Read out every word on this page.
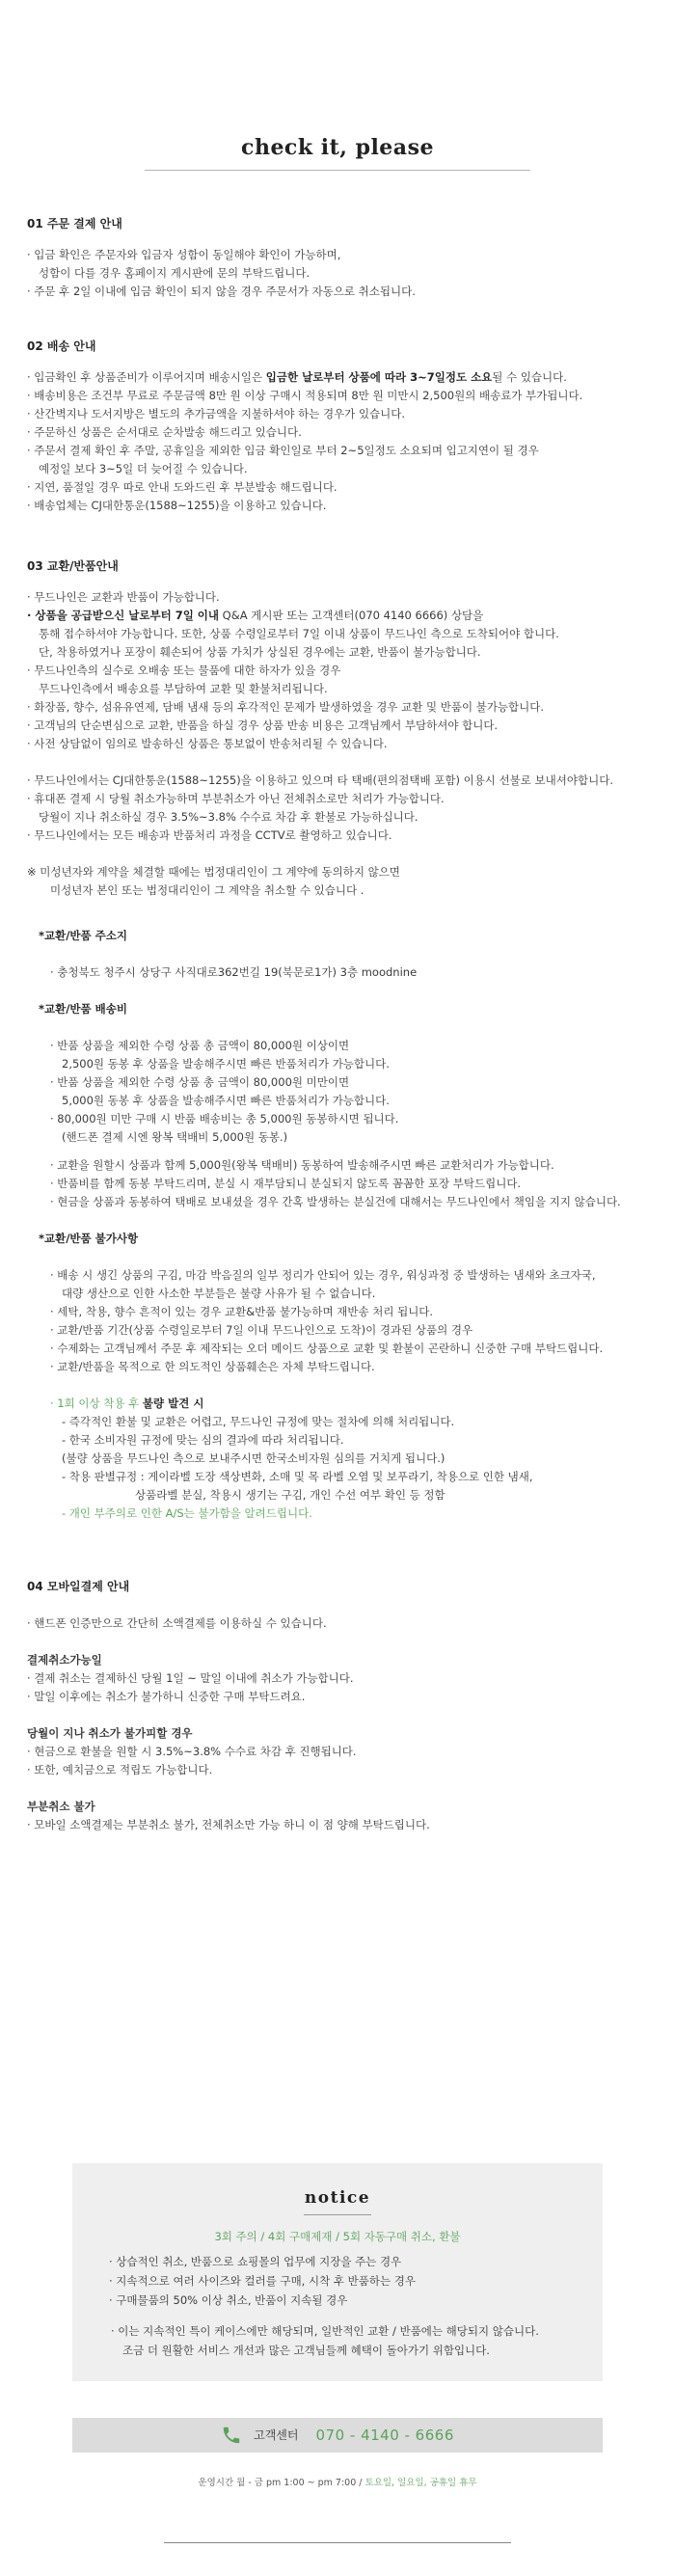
check it, please
01 주문 결제 안내
· 입금 확인은 주문자와 입금자 성함이 동일해야 확인이 가능하며,
성함이 다를 경우 홈페이지 게시판에 문의 부탁드립니다.
· 주문 후 2일 이내에 입금 확인이 되지 않을 경우 주문서가 자동으로 취소됩니다.
02 배송 안내
· 입금확인 후 상품준비가 이루어지며 배송시일은 입금한 날로부터 상품에 따라 3~7일정도 소요될 수 있습니다.
· 배송비용은 조건부 무료로 주문금액 8만 원 이상 구매시 적용되며 8만 원 미만시 2,500원의 배송료가 부가됩니다.
· 산간벽지나 도서지방은 별도의 추가금액을 지불하셔야 하는 경우가 있습니다.
· 주문하신 상품은 순서대로 순차발송 해드리고 있습니다.
· 주문서 결제 확인 후 주말, 공휴일을 제외한 입금 확인일로 부터 2~5일정도 소요되며 입고지연이 될 경우
예정일 보다 3~5일 더 늦어질 수 있습니다.
· 지연, 품절일 경우 따로 안내 도와드린 후 부분발송 해드립니다.
· 배송업체는 CJ대한통운(1588~1255)을 이용하고 있습니다.
03 교환/반품안내
· 무드나인은 교환과 반품이 가능합니다.
· 상품을 공급받으신 날로부터 7일 이내 Q&A 게시판 또는 고객센터(070 4140 6666) 상담을
통해 접수하셔야 가능합니다. 또한, 상품 수령일로부터 7일 이내 상품이 무드나인 측으로 도착되어야 합니다.
단, 착용하였거나 포장이 훼손되어 상품 가치가 상실된 경우에는 교환, 반품이 불가능합니다.
· 무드나인측의 실수로 오배송 또는 물품에 대한 하자가 있을 경우
무드나인측에서 배송요를 부담하여 교환 및 환불처리됩니다.
· 화장품, 향수, 섬유유연제, 담배 냄새 등의 후각적인 문제가 발생하였을 경우 교환 및 반품이 불가능합니다.
· 고객님의 단순변심으로 교환, 반품을 하실 경우 상품 반송 비용은 고객님께서 부담하셔야 합니다.
· 사전 상담없이 임의로 발송하신 상품은 통보없이 반송처리될 수 있습니다.
· 무드나인에서는 CJ대한통운(1588~1255)을 이용하고 있으며 타 택배(편의점택배 포함) 이용시 선불로 보내셔야합니다.
· 휴대폰 결제 시 당월 취소가능하며 부분취소가 아닌 전체취소로만 처리가 가능합니다.
당월이 지나 취소하실 경우 3.5%~3.8% 수수료 차감 후 환불로 가능하십니다.
· 무드나인에서는 모든 배송과 반품처리 과정을 CCTV로 촬영하고 있습니다.
※ 미성년자와 계약을 체결할 때에는 법정대리인이 그 계약에 동의하지 않으면
미성년자 본인 또는 법정대리인이 그 계약을 취소할 수 있습니다 .
*교환/반품 주소지
· 충청북도 청주시 상당구 사직대로362번길 19(북문로1가) 3층 moodnine
*교환/반품 배송비
· 반품 상품을 제외한 수령 상품 총 금액이 80,000원 이상이면
2,500원 동봉 후 상품을 발송해주시면 빠른 반품처리가 가능합니다.
· 반품 상품을 제외한 수령 상품 총 금액이 80,000원 미만이면
5,000원 동봉 후 상품을 발송해주시면 빠른 반품처리가 가능합니다.
· 80,000원 미만 구매 시 반품 배송비는 총 5,000원 동봉하시면 됩니다.
(핸드폰 결제 시엔 왕복 택배비 5,000원 동봉.)
· 교환을 원할시 상품과 함께 5,000원(왕복 택배비) 동봉하여 발송해주시면 빠른 교환처리가 가능합니다.
· 반품비를 함께 동봉 부탁드리며, 분실 시 재부담되니 분실되지 않도록 꼼꼼한 포장 부탁드립니다.
· 현금을 상품과 동봉하여 택배로 보내셨을 경우 간혹 발생하는 분실건에 대해서는 무드나인에서 책임을 지지 않습니다.
*교환/반품 불가사항
· 배송 시 생긴 상품의 구김, 마감 박음질의 일부 정리가 안되어 있는 경우, 워싱과정 중 발생하는 냄새와 초크자국,
대량 생산으로 인한 사소한 부분들은 불량 사유가 될 수 없습니다.
· 세탁, 착용, 향수 흔적이 있는 경우 교환&반품 불가능하며 재반송 처리 됩니다.
· 교환/반품 기간(상품 수령일로부터 7일 이내 무드나인으로 도착)이 경과된 상품의 경우
· 수제화는 고객님께서 주문 후 제작되는 오더 메이드 상품으로 교환 및 환불이 곤란하니 신중한 구매 부탁드립니다.
· 교환/반품을 목적으로 한 의도적인 상품훼손은 자체 부탁드립니다.
· 1회 이상 착용 후 불량 발견 시
- 즉각적인 환불 및 교환은 어렵고, 무드나인 규정에 맞는 절차에 의해 처리됩니다.
- 한국 소비자원 규정에 맞는 심의 결과에 따라 처리됩니다.
(불량 상품을 무드나인 측으로 보내주시면 한국소비자원 심의를 거치게 됩니다.)
- 착용 판별규정 : 게이라벨 도장 색상변화, 소매 및 목 라벨 오염 및 보푸라기, 착용으로 인한 냄새,
상품라벨 분실, 착용시 생기는 구김, 개인 수선 여부 확인 등 정함
- 개인 부주의로 인한 A/S는 불가함을 알려드립니다.
04 모바일결제 안내
· 핸드폰 인증만으로 간단히 소액결제를 이용하실 수 있습니다.
결제취소가능일
· 결제 취소는 결제하신 당월 1일 ~ 말일 이내에 취소가 가능합니다.
· 말일 이후에는 취소가 불가하니 신중한 구매 부탁드려요.
당월이 지나 취소가 불가피할 경우
· 현금으로 환불을 원할 시 3.5%~3.8% 수수료 차감 후 진행됩니다.
· 또한, 예치금으로 적립도 가능합니다.
부분취소 불가
· 모바일 소액결제는 부분취소 불가, 전체취소만 가능 하니 이 점 양해 부탁드립니다.
notice
3회 주의 / 4회 구매제재 / 5회 자동구매 취소, 환불
· 상습적인 취소, 반품으로 쇼핑몰의 업무에 지장을 주는 경우
· 지속적으로 여러 사이즈와 컬러를 구매, 시착 후 반품하는 경우
· 구매물품의 50% 이상 취소, 반품이 지속될 경우
· 이는 지속적인 특이 케이스에만 해당되며, 일반적인 교환 / 반품에는 해당되지 않습니다.
조금 더 원활한 서비스 개선과 많은 고객님들께 혜택이 돌아가기 위함입니다.
고객센터 070 - 4140 - 6666
운영시간 월 - 금 pm 1:00 ~ pm 7:00 / 토요일, 일요일, 공휴일 휴무
